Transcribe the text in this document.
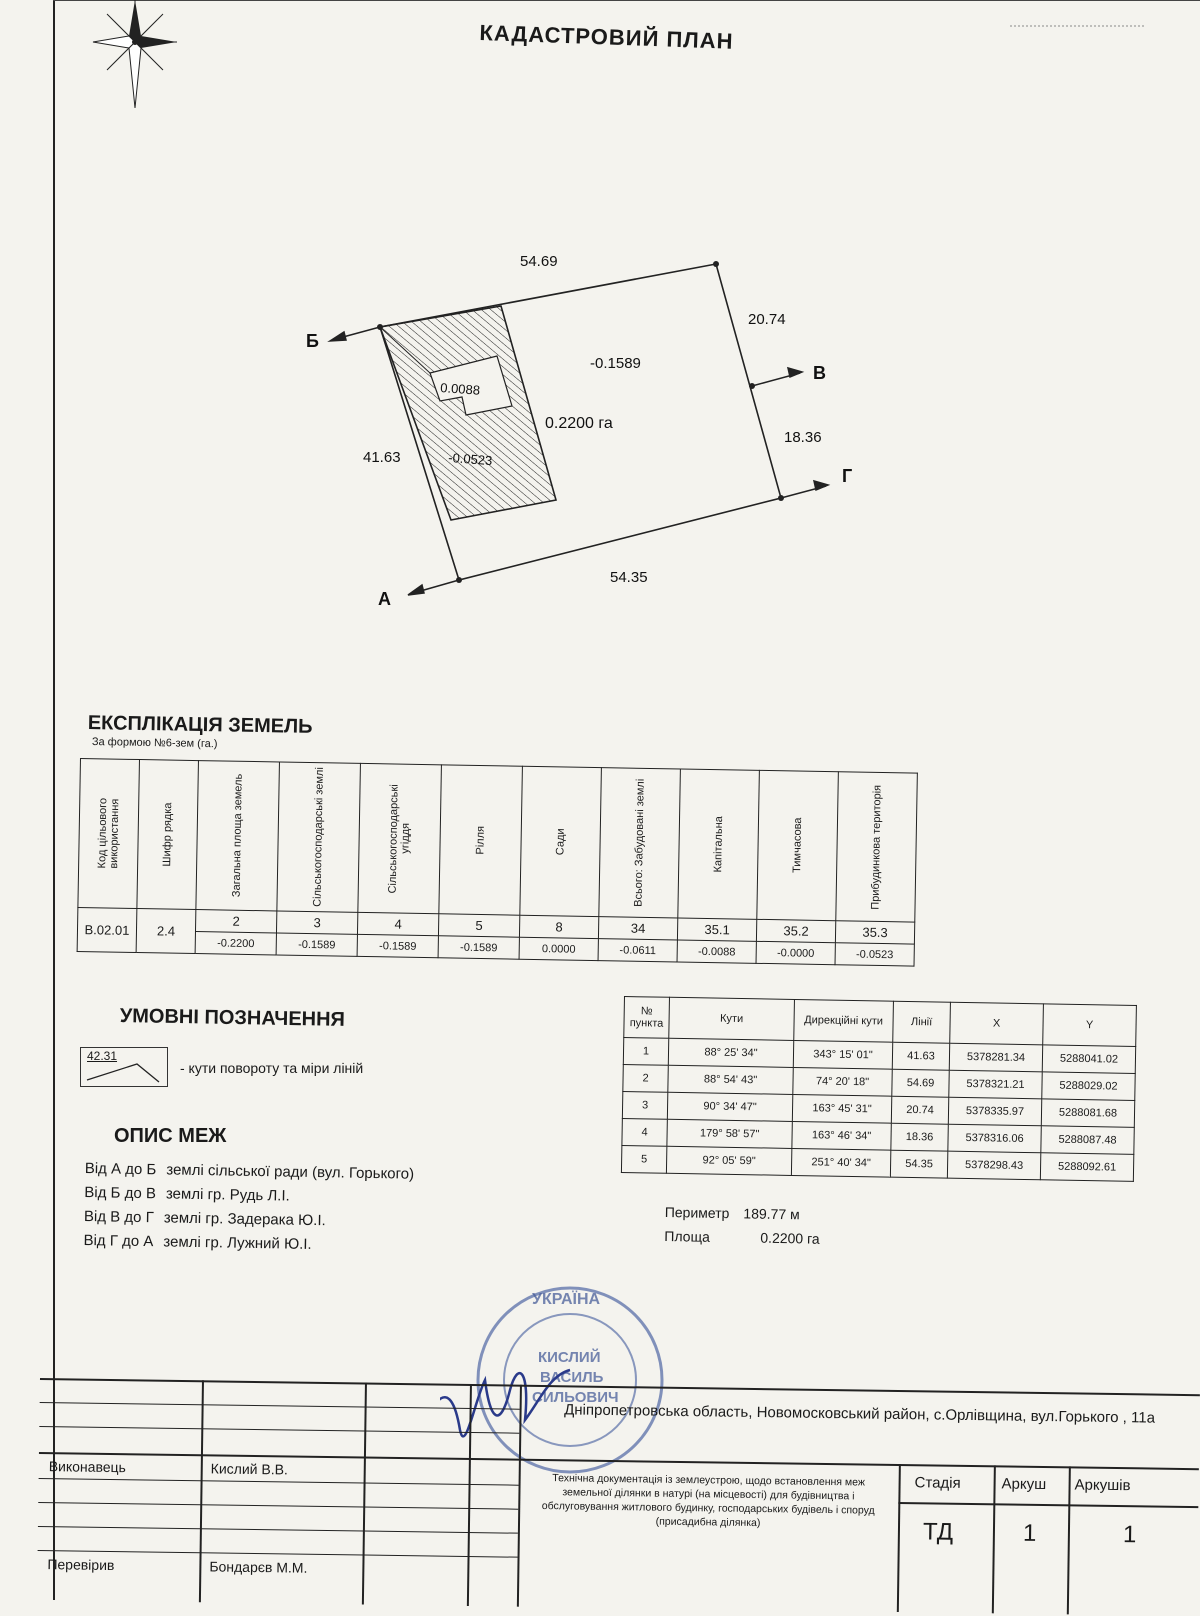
КАДАСТРОВИЙ ПЛАН
54.69
20.74
18.36
41.63
54.35
Б
В
Г
А
-0.1589
0.2200 га
0.0088
-0.0523
ЕКСПЛІКАЦІЯ ЗЕМЕЛЬ
За формою №6-зем (га.)
Код цільового використання	Шифр рядка	Загальна площа земель	Сільськогосподарські землі	Сільськогосподарські угіддя	Рілля	Сади	Всього: Забудовані землі	Капітальна	Тимчасова	Прибудинкова територія

В.02.01	2.4	2	3	4	5	8	34	35.1	35.2	35.3
		-0.2200	-0.1589	-0.1589	-0.1589	0.0000	-0.0611	-0.0088	-0.0000	-0.0523
УМОВНІ ПОЗНАЧЕННЯ
42.31
- кути повороту та міри ліній
ОПИС МЕЖ
Від А до Б землі сільської ради (вул. Горького)
Від Б до В землі гр. Рудь Л.І.
Від В до Г землі гр. Задерака Ю.І.
Від Г до А землі гр. Лужний Ю.І.
№ пункта	Кути	Дирекційні кути	Лінії	X	Y
1	88° 25' 34"	343° 15' 01"	41.63	5378281.34	5288041.02
2	88° 54' 43"	74° 20' 18"	54.69	5378321.21	5288029.02
3	90° 34' 47"	163° 45' 31"	20.74	5378335.97	5288081.68
4	179° 58' 57"	163° 46' 34"	18.36	5378316.06	5288087.48
5	92° 05' 59"	251° 40' 34"	54.35	5378298.43	5288092.61
Периметр 189.77 м
Площа	0.2200 га
УКРАЇНА
КИСЛИЙ
ВАСИЛЬ
СИЛЬОВИЧ
Дніпропетровська область, Новомосковський район, с.Орлівщина, вул.Горького , 11а
Виконавець	Кислий В.В.
Перевірив	Бондарєв М.М.
Технічна документація із землеустрою, щодо встановлення меж земельної ділянки в натурі (на місцевості) для будівництва і обслуговування житлового будинку, господарських будівель і споруд (присадибна ділянка)
Стадія	Аркуш Аркушів
ТД	1	1
